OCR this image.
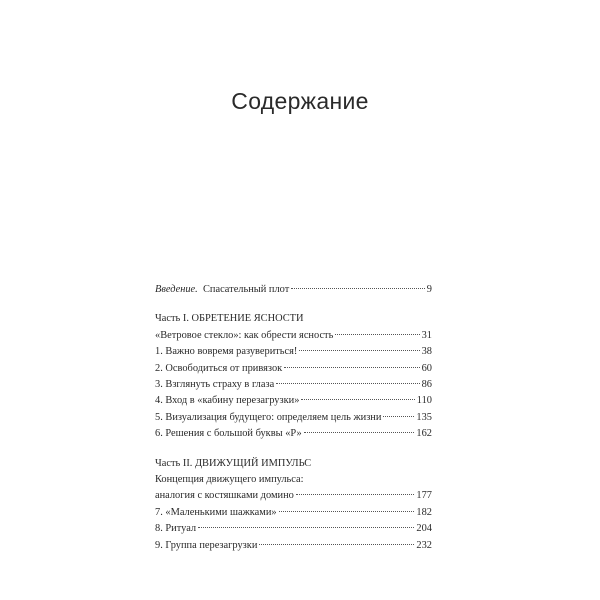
Содержание
Введение. Спасательный плот	9
Часть I. ОБРЕТЕНИЕ ЯСНОСТИ
«Ветровое стекло»: как обрести ясность	31
1. Важно вовремя разувериться!	38
2. Освободиться от привязок	60
3. Взглянуть страху в глаза	86
4. Вход в «кабину перезагрузки»	110
5. Визуализация будущего: определяем цель жизни	135
6. Решения с большой буквы «Р»	162
Часть II. ДВИЖУЩИЙ ИМПУЛЬС
Концепция движущего импульса:
аналогия с костяшками домино	177
7. «Маленькими шажками»	182
8. Ритуал	204
9. Группа перезагрузки	232
